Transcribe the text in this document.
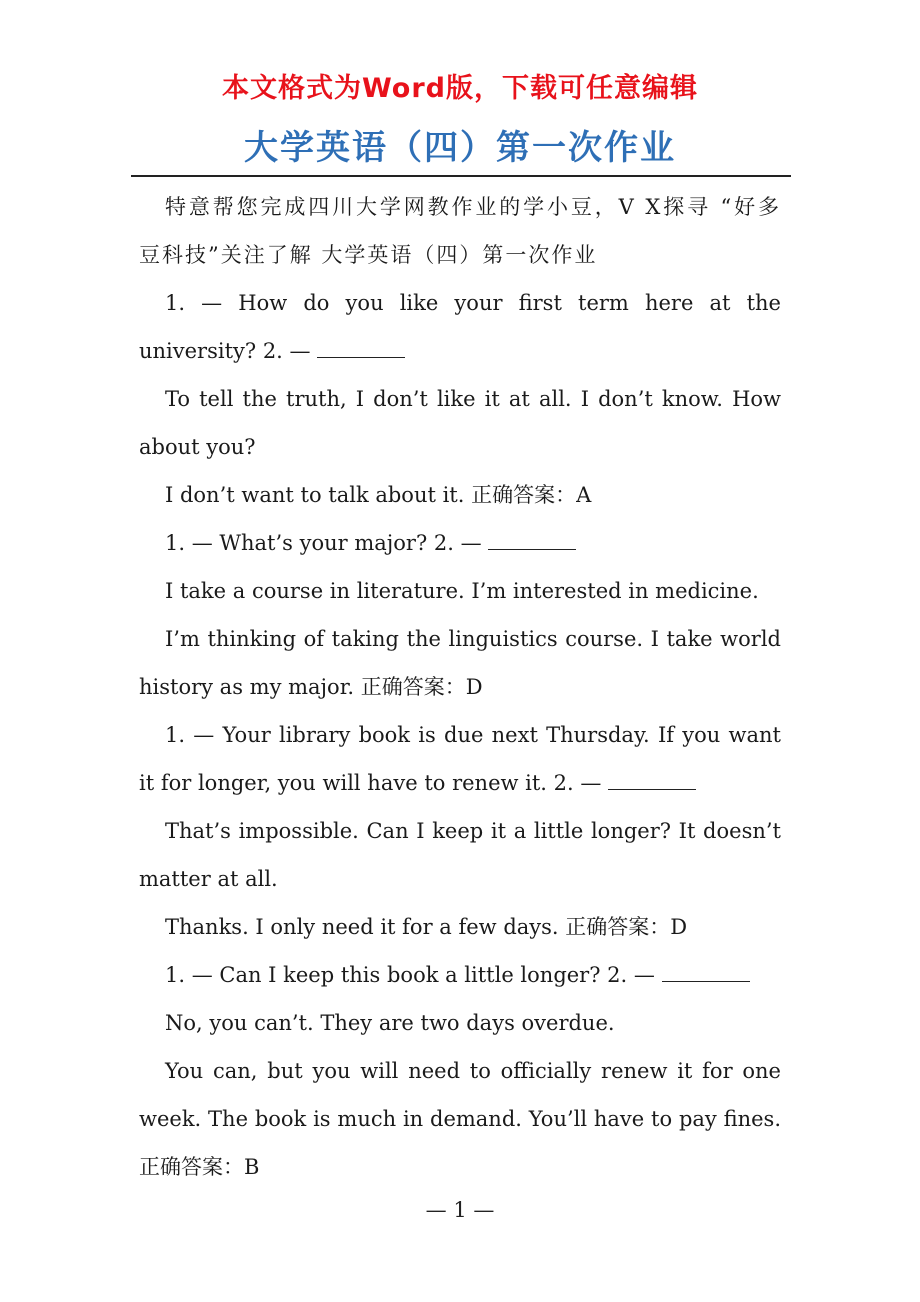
本文格式为Word版，下载可任意编辑
大学英语（四）第一次作业

特意帮您完成四川大学网教作业的学小豆，V X探寻 “好多豆科技”关注了解 大学英语（四）第一次作业

1. — How do you like your first term here at the university? 2. —

To tell the truth, I don’t like it at all. I don’t know. How about you?

I don’t want to talk about it. 正确答案：A

1. — What’s your major? 2. —

I take a course in literature. I’m interested in medicine.

I’m thinking of taking the linguistics course. I take world history as my major. 正确答案：D

1. — Your library book is due next Thursday. If you want it for longer, you will have to renew it. 2. —

That’s impossible. Can I keep it a little longer? It doesn’t matter at all.

Thanks. I only need it for a few days. 正确答案：D

1. — Can I keep this book a little longer? 2. —

No, you can’t. They are two days overdue.

You can, but you will need to officially renew it for one week. The book is much in demand. You’ll have to pay fines. 正确答案：B

— 1 —
